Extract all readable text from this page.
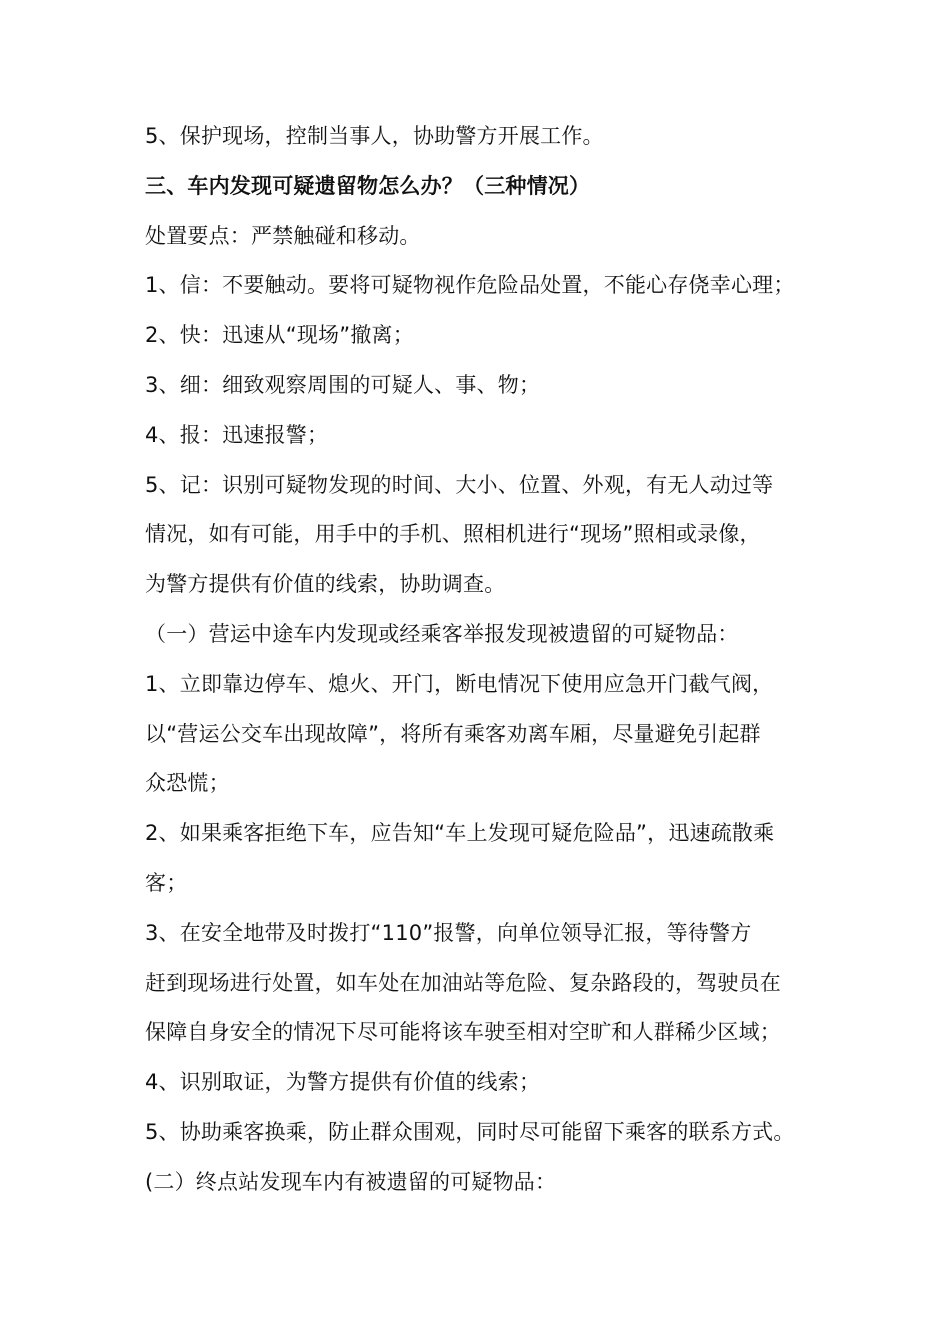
5、保护现场，控制当事人，协助警方开展工作。
三、车内发现可疑遗留物怎么办？（三种情况）
处置要点：严禁触碰和移动。
1、信：不要触动。要将可疑物视作危险品处置，不能心存侥幸心理；
2、快：迅速从“现场”撤离；
3、细：细致观察周围的可疑人、事、物；
4、报：迅速报警；
5、记：识别可疑物发现的时间、大小、位置、外观，有无人动过等
情况，如有可能，用手中的手机、照相机进行“现场”照相或录像，
为警方提供有价值的线索，协助调查。
（一）营运中途车内发现或经乘客举报发现被遗留的可疑物品：
1、立即靠边停车、熄火、开门，断电情况下使用应急开门截气阀，
以“营运公交车出现故障”，将所有乘客劝离车厢，尽量避免引起群
众恐慌；
2、如果乘客拒绝下车，应告知“车上发现可疑危险品”，迅速疏散乘
客；
3、在安全地带及时拨打“110”报警，向单位领导汇报，等待警方
赶到现场进行处置，如车处在加油站等危险、复杂路段的，驾驶员在
保障自身安全的情况下尽可能将该车驶至相对空旷和人群稀少区域；
4、识别取证，为警方提供有价值的线索；
5、协助乘客换乘，防止群众围观，同时尽可能留下乘客的联系方式。
(二）终点站发现车内有被遗留的可疑物品：
